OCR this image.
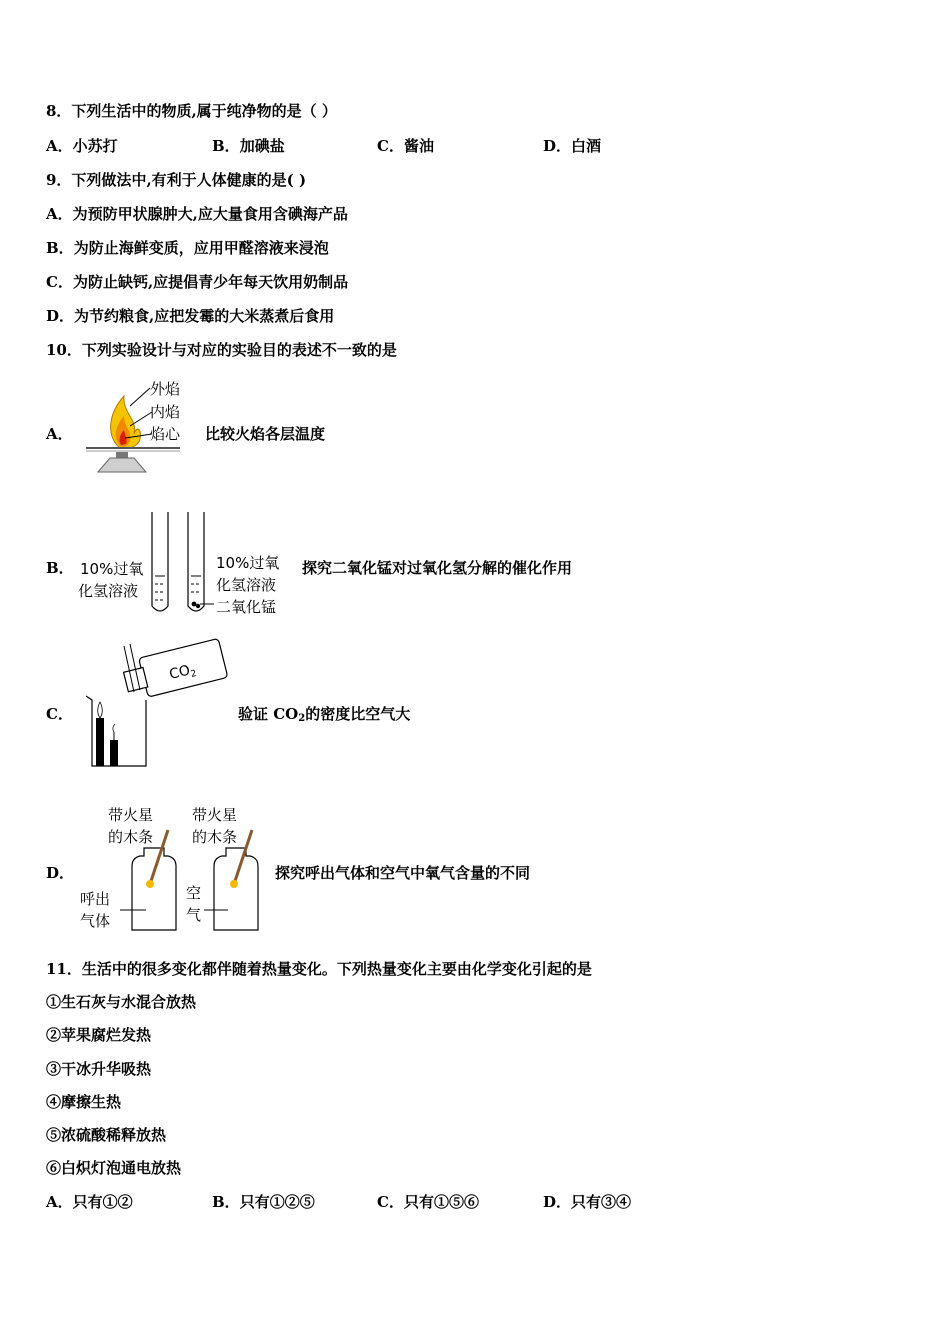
8．下列生活中的物质,属于纯净物的是（ ）
A．小苏打	B．加碘盐	C．酱油	D．白酒
9．下列做法中,有利于人体健康的是( )
A．为预防甲状腺肿大,应大量食用含碘海产品
B．为防止海鲜变质，应用甲醛溶液来浸泡
C．为防止缺钙,应提倡青少年每天饮用奶制品
D．为节约粮食,应把发霉的大米蒸煮后食用
10．下列实验设计与对应的实验目的表述不一致的是
A．
外焰
内焰
焰心 比较火焰各层温度
B． 10%过氧
化氢溶液
10%过氧
化氢溶液
二氧化锰
探究二氧化锰对过氧化氢分解的催化作用
C．
$CO_2$
验证 $CO_2$的密度比空气大
D．
带火星
的木条
带火星
的木条
呼出
气体
空
气
探究呼出气体和空气中氧气含量的不同
11．生活中的很多变化都伴随着热量变化。下列热量变化主要由化学变化引起的是
①生石灰与水混合放热
②苹果腐烂发热
③干冰升华吸热
④摩擦生热
⑤浓硫酸稀释放热
⑥白炽灯泡通电放热
A．只有①②	B．只有①②⑤	C．只有①⑤⑥	D．只有③④
